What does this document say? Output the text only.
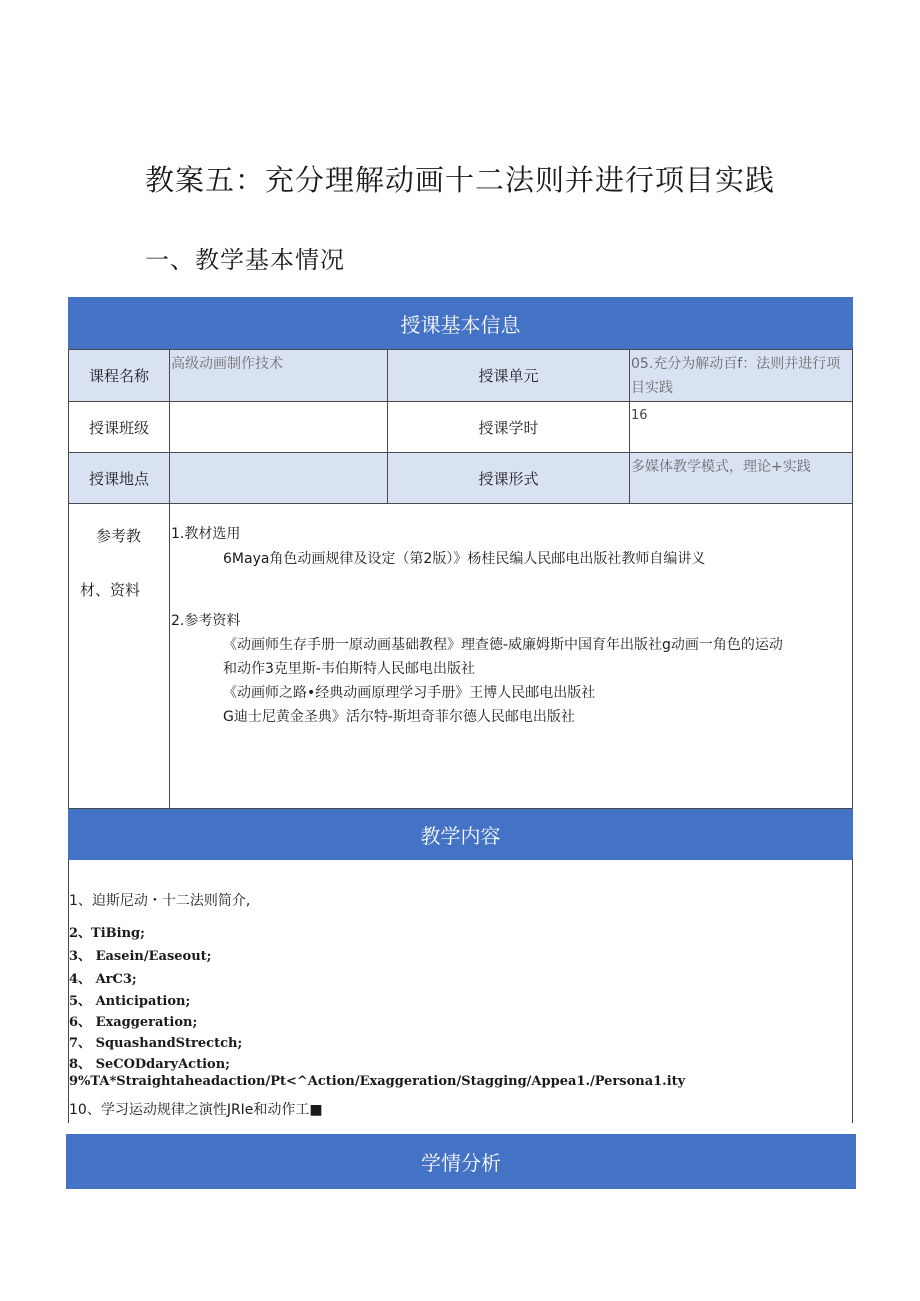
教案五：充分理解动画十二法则并进行项目实践
一、教学基本情况
授课基本信息
课程名称
高级动画制作技术
授课单元
05.充分为解动百f：法则并进行项目实践
授课班级	授课学时
16
授课地点	授课形式
多媒体教学模式，理论+实践
参考教
材、资料
1.教材选用
6Maya角色动画规律及设定（第2版）》杨桂民编人民邮电出版社教师自编讲义
2.参考资料
《动画师生存手册一原动画基础教程》理查德-威廉姆斯中国育年出版社g动画一角色的运动
和动作3克里斯-韦伯斯特人民邮电出版社
《动画师之路•经典动画原理学习手册》王博人民邮电出版社
G迪士尼黄金圣典》活尔特-斯坦奇菲尔德人民邮电出版社
教学内容
1、迫斯尼动・十二法则简介,
2、TiBing;
3、 Easein/Easeout;
4、 ArC3;
5、 Anticipation;
6、 Exaggeration;
7、 SquashandStrectch;
8、 SeCODdaryAction;
9%TA*Straightaheadaction∕Pt<^Action/Exaggeration/Stagging/Appea1./Persona1.ity
10、学习运动规律之演性JRIe和动作工■
学情分析
